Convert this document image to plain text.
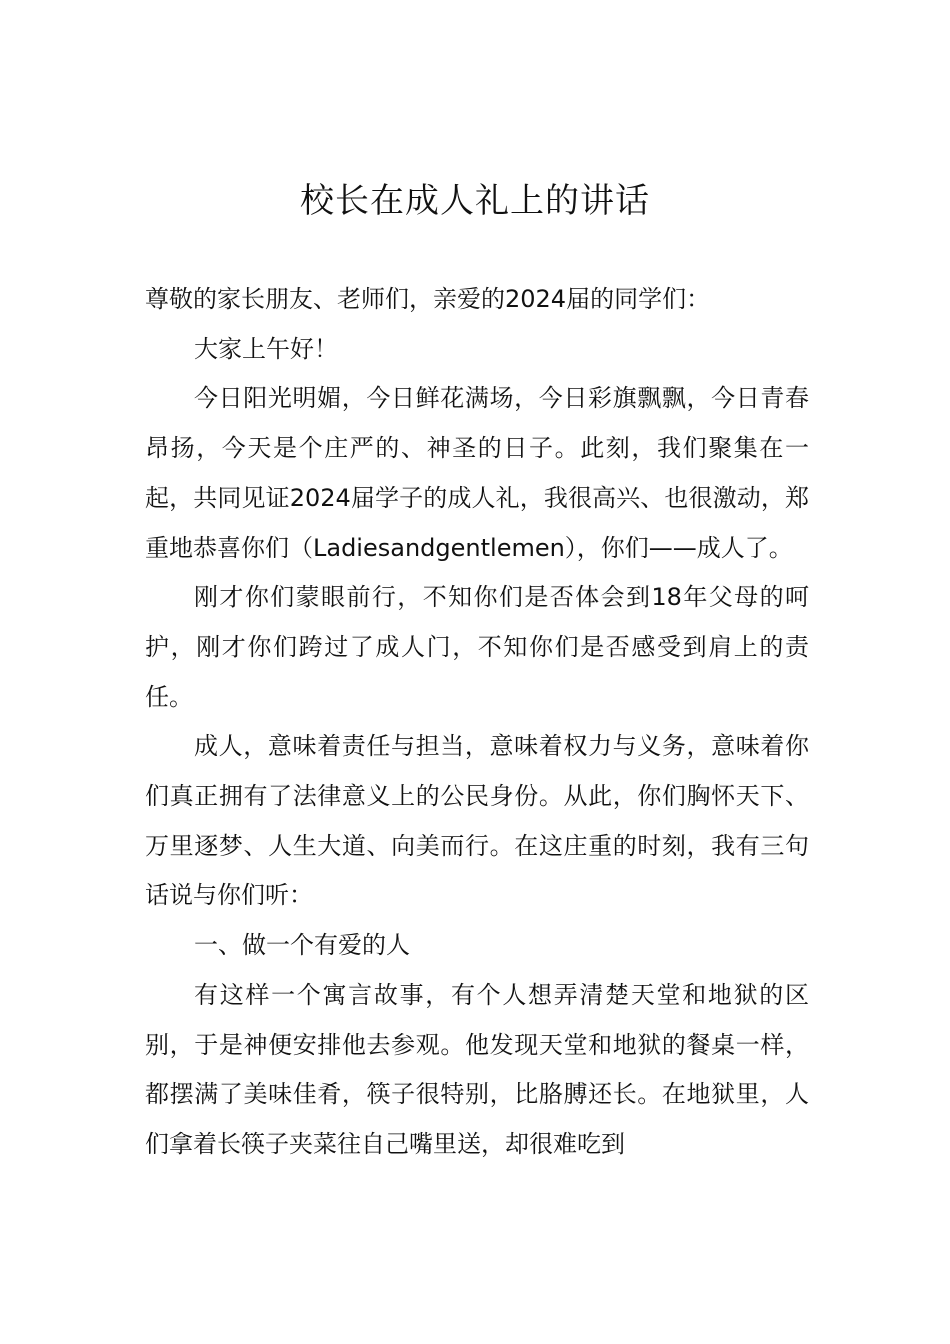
校长在成人礼上的讲话

尊敬的家长朋友、老师们，亲爱的2024届的同学们：

大家上午好！

今日阳光明媚，今日鲜花满场，今日彩旗飘飘，今日青春昂扬，今天是个庄严的、神圣的日子。此刻，我们聚集在一起，共同见证2024届学子的成人礼，我很高兴、也很激动，郑重地恭喜你们（Ladiesandgentlemen），你们——成人了。

刚才你们蒙眼前行，不知你们是否体会到18年父母的呵护，刚才你们跨过了成人门，不知你们是否感受到肩上的责任。

成人，意味着责任与担当，意味着权力与义务，意味着你们真正拥有了法律意义上的公民身份。从此，你们胸怀天下、万里逐梦、人生大道、向美而行。在这庄重的时刻，我有三句话说与你们听：

一、做一个有爱的人

有这样一个寓言故事，有个人想弄清楚天堂和地狱的区别，于是神便安排他去参观。他发现天堂和地狱的餐桌一样，都摆满了美味佳肴，筷子很特别，比胳膊还长。在地狱里，人们拿着长筷子夹菜往自己嘴里送，却很难吃到
